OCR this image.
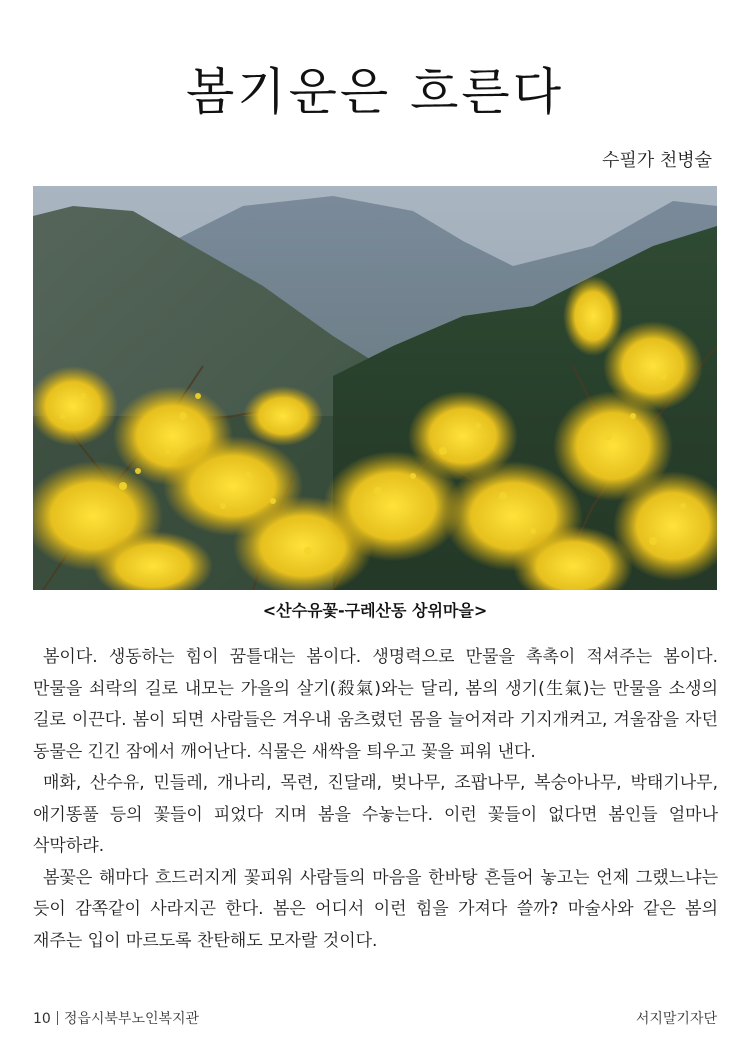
봄기운은 흐른다
수필가 천병술
<산수유꽃-구레산동 상위마을>

봄이다. 생동하는 힘이 꿈틀대는 봄이다. 생명력으로 만물을 촉촉이 적셔주는 봄이다. 만물을 쇠락의 길로 내모는 가을의 살기(殺氣)와는 달리, 봄의 생기(生氣)는 만물을 소생의 길로 이끈다. 봄이 되면 사람들은 겨우내 움츠렸던 몸을 늘어져라 기지개켜고, 겨울잠을 자던 동물은 긴긴 잠에서 깨어난다. 식물은 새싹을 틔우고 꽃을 피워 낸다.

매화, 산수유, 민들레, 개나리, 목련, 진달래, 벚나무, 조팝나무, 복숭아나무, 박태기나무, 애기똥풀 등의 꽃들이 피었다 지며 봄을 수놓는다. 이런 꽃들이 없다면 봄인들 얼마나 삭막하랴.

봄꽃은 해마다 흐드러지게 꽃피워 사람들의 마음을 한바탕 흔들어 놓고는 언제 그랬느냐는 듯이 감쪽같이 사라지곤 한다. 봄은 어디서 이런 힘을 가져다 쓸까? 마술사와 같은 봄의 재주는 입이 마르도록 찬탄해도 모자랄 것이다.

10 정읍시북부노인복지관	서지말기자단
